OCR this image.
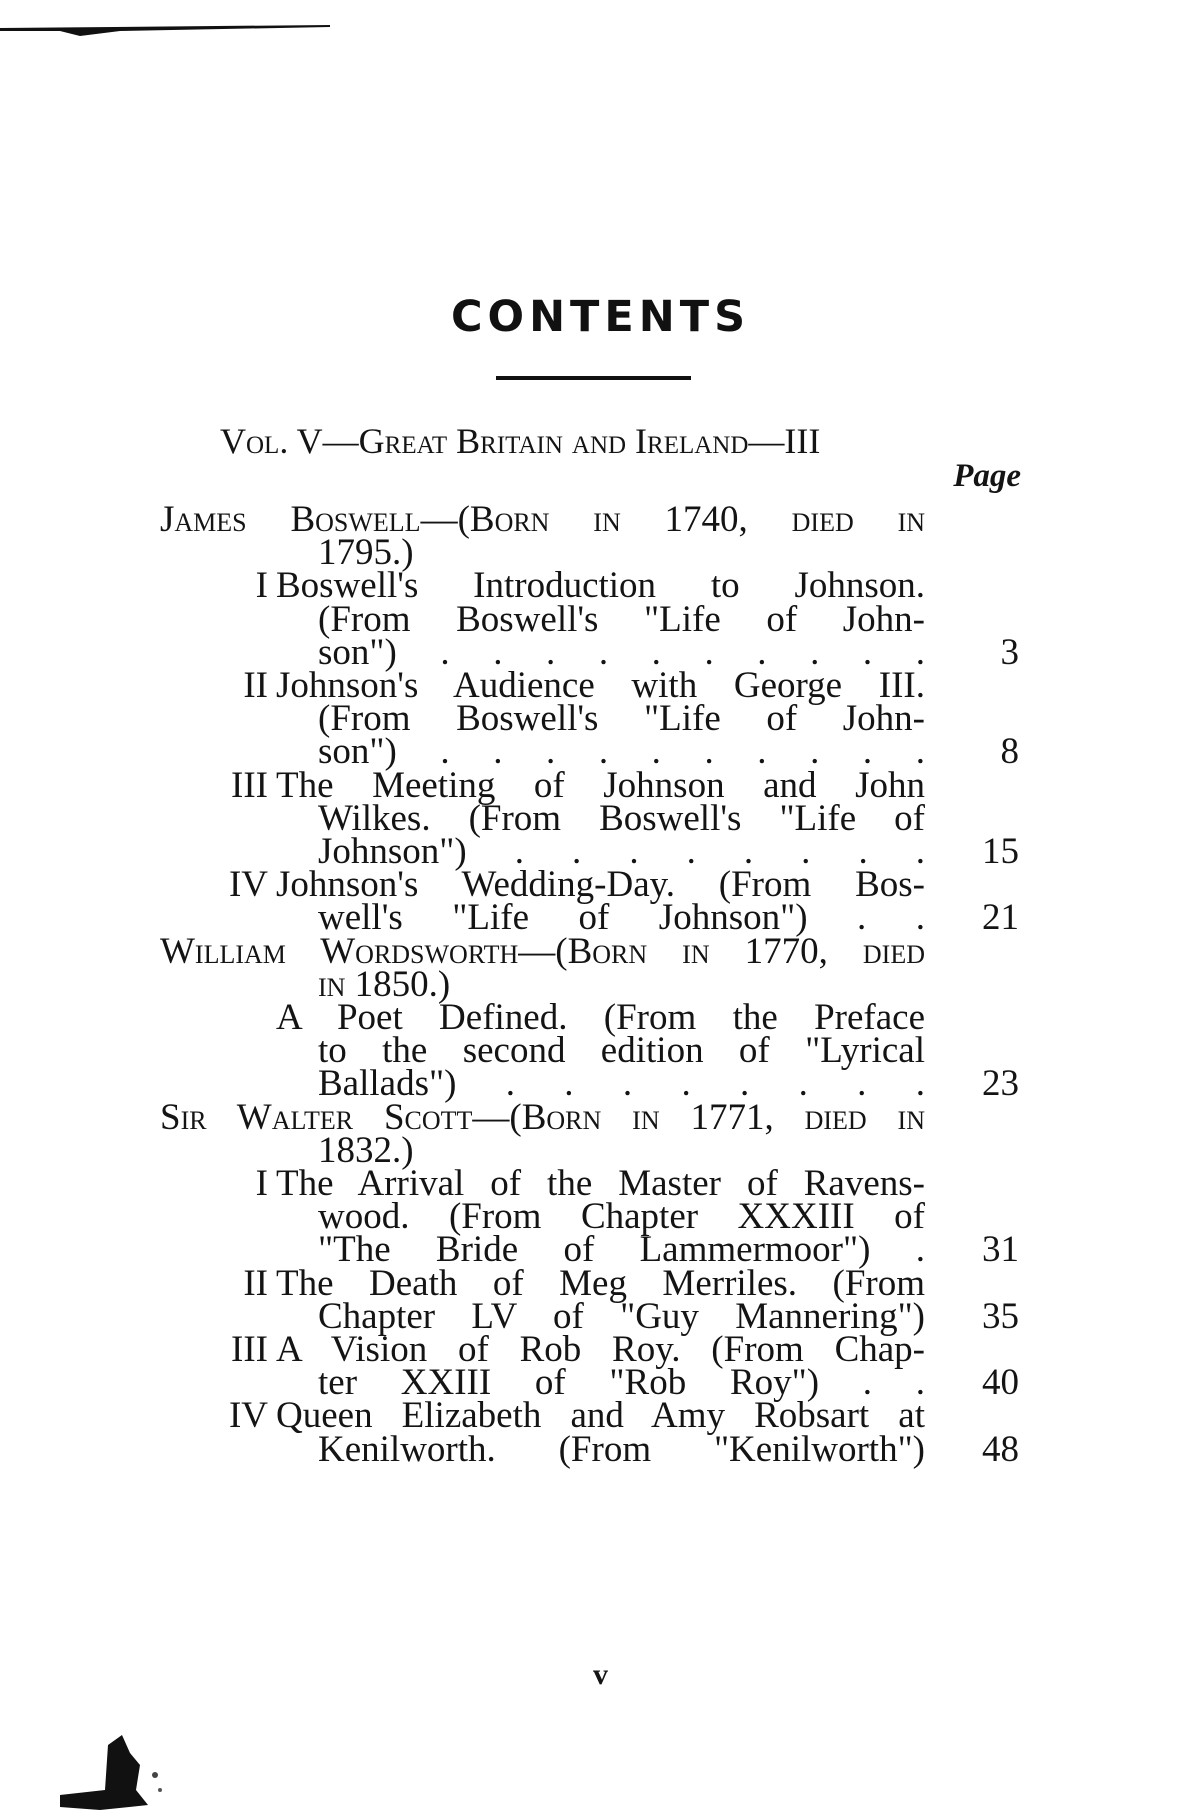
CONTENTS
Vol. V—Great Britain and Ireland—III
Page
James Boswell—(Born in 1740, died in
1795.)
I Boswell's Introduction to Johnson.
(From Boswell's "Life of John-
son") . . . . . . . . . . 3
II Johnson's Audience with George III.
(From Boswell's "Life of John-
son") . . . . . . . . . . 8
III The Meeting of Johnson and John
Wilkes. (From Boswell's "Life of
Johnson") . . . . . . . . 15
IV Johnson's Wedding-Day. (From Bos-
well's "Life of Johnson") . . 21
William Wordsworth—(Born in 1770, died
in 1850.)
A Poet Defined. (From the Preface
to the second edition of "Lyrical
Ballads") . . . . . . . . 23
Sir Walter Scott—(Born in 1771, died in
1832.)
I The Arrival of the Master of Ravens-
wood. (From Chapter XXXIII of
"The Bride of Lammermoor") . 31
II The Death of Meg Merriles. (From
Chapter LV of "Guy Mannering") 35
III A Vision of Rob Roy. (From Chap-
ter XXIII of "Rob Roy") . . 40
IV Queen Elizabeth and Amy Robsart at
Kenilworth. (From "Kenilworth") 48
v
